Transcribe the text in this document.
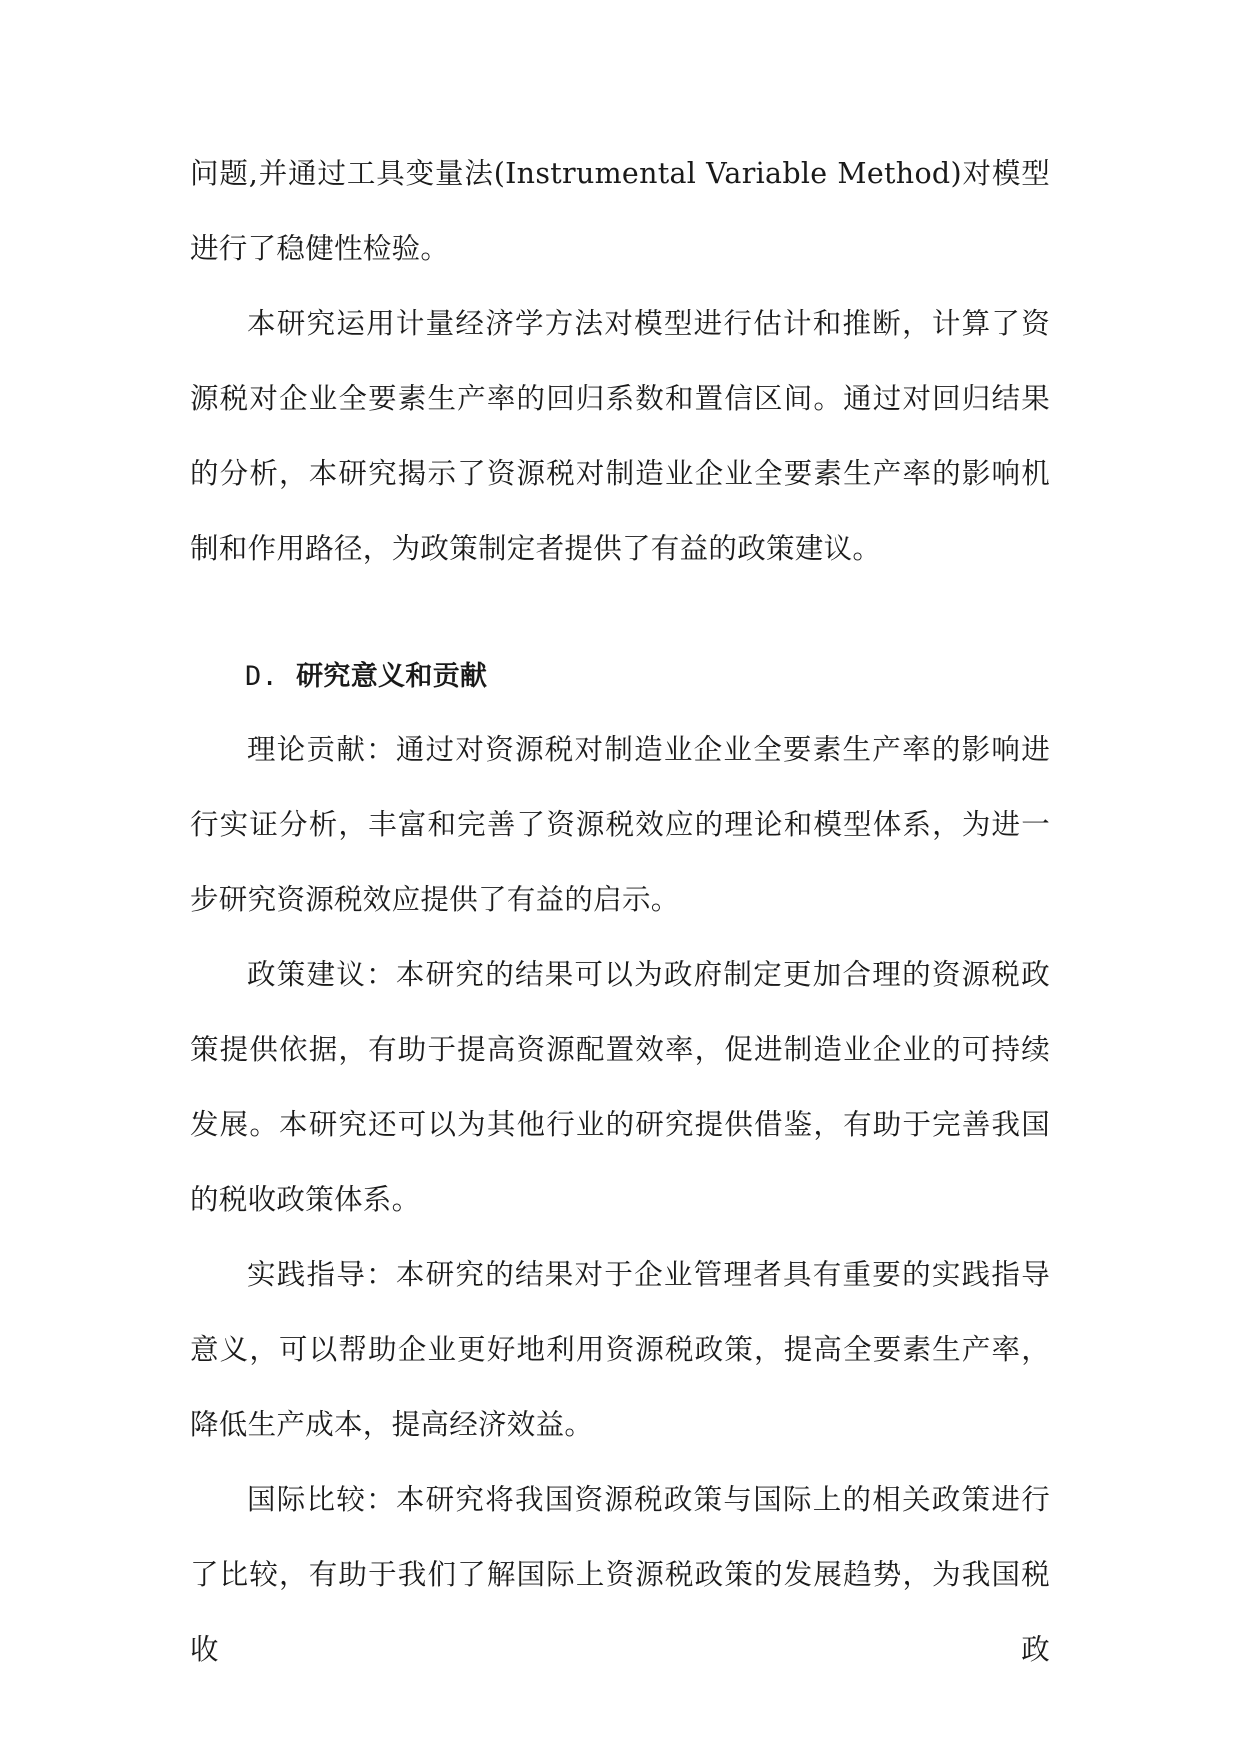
问题,并通过工具变量法(Instrumental Variable Method)对模型进行了稳健性检验。

本研究运用计量经济学方法对模型进行估计和推断，计算了资源税对企业全要素生产率的回归系数和置信区间。通过对回归结果的分析，本研究揭示了资源税对制造业企业全要素生产率的影响机制和作用路径，为政策制定者提供了有益的政策建议。

D. 研究意义和贡献

理论贡献：通过对资源税对制造业企业全要素生产率的影响进行实证分析，丰富和完善了资源税效应的理论和模型体系，为进一步研究资源税效应提供了有益的启示。

政策建议：本研究的结果可以为政府制定更加合理的资源税政策提供依据，有助于提高资源配置效率，促进制造业企业的可持续发展。本研究还可以为其他行业的研究提供借鉴，有助于完善我国的税收政策体系。

实践指导：本研究的结果对于企业管理者具有重要的实践指导意义，可以帮助企业更好地利用资源税政策，提高全要素生产率，降低生产成本，提高经济效益。

国际比较：本研究将我国资源税政策与国际上的相关政策进行了比较，有助于我们了解国际上资源税政策的发展趋势，为我国税收政
